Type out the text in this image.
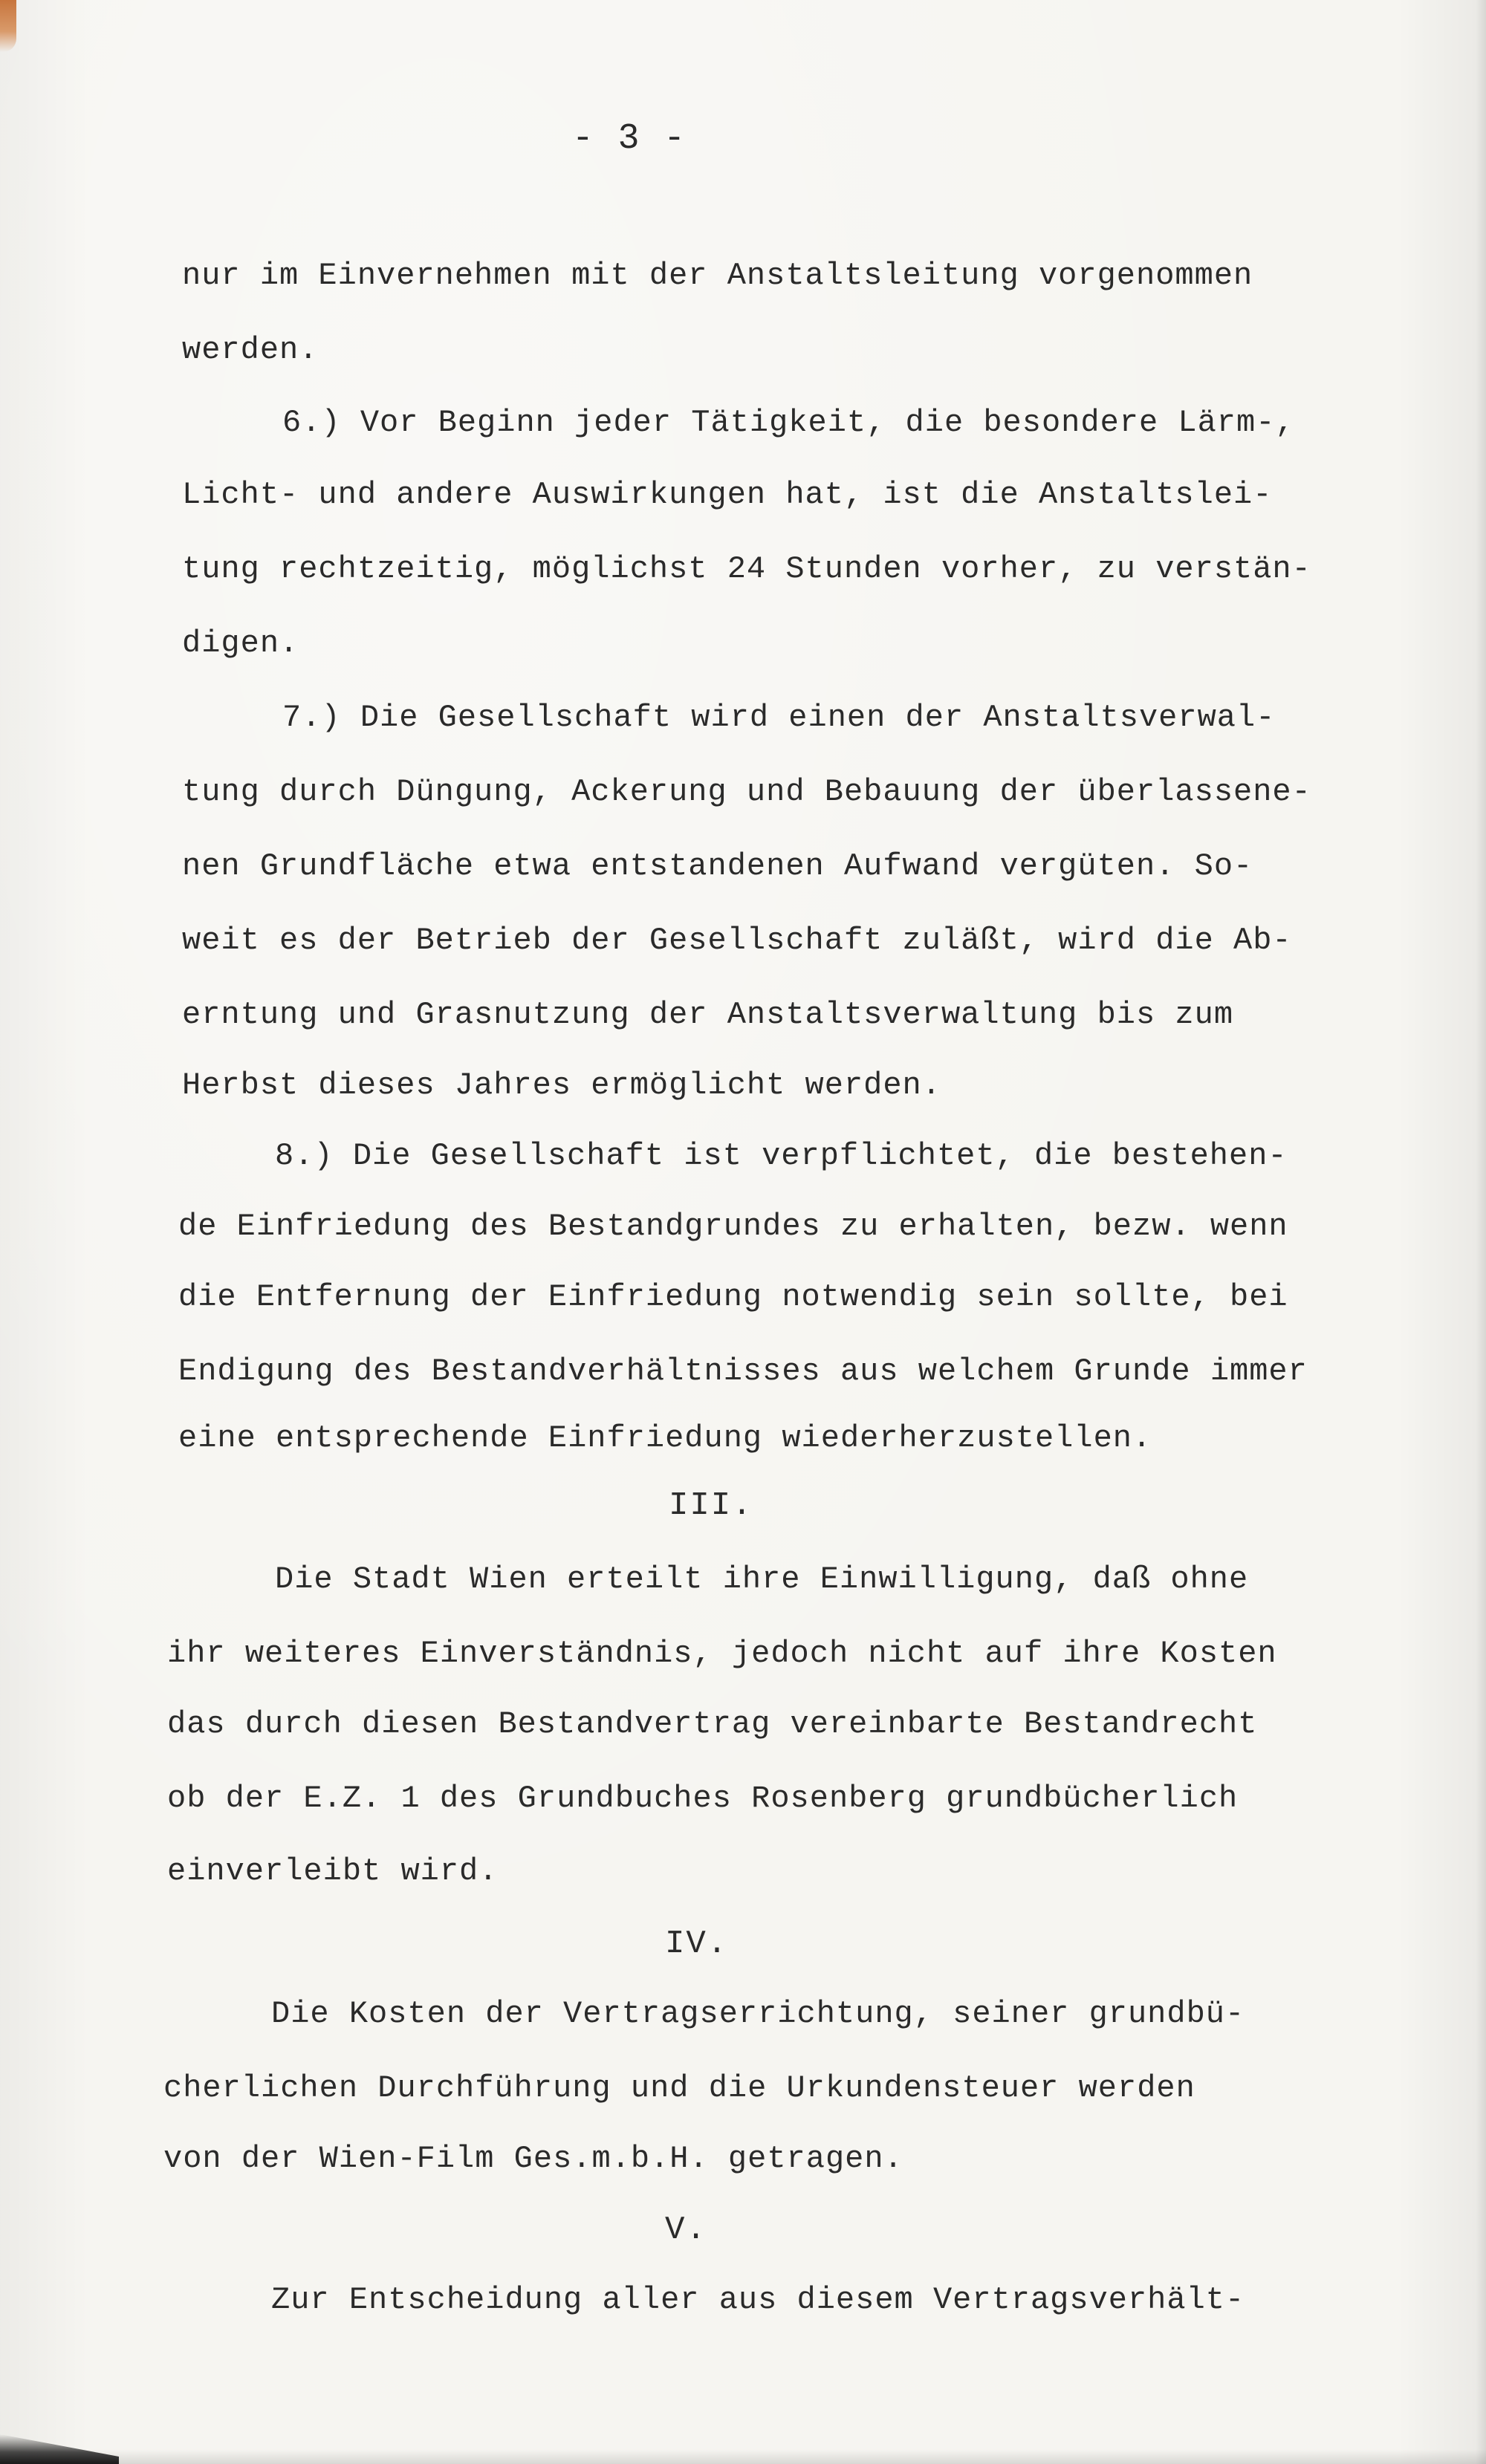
- 3 -
nur im Einvernehmen mit der Anstaltsleitung vorgenommen
werden.
6.) Vor Beginn jeder Tätigkeit, die besondere Lärm-,
Licht- und andere Auswirkungen hat, ist die Anstaltslei-
tung rechtzeitig, möglichst 24 Stunden vorher, zu verstän-
digen.
7.) Die Gesellschaft wird einen der Anstaltsverwal-
tung durch Düngung, Ackerung und Bebauung der überlassene-
nen Grundfläche etwa entstandenen Aufwand vergüten. So-
weit es der Betrieb der Gesellschaft zuläßt, wird die Ab-
erntung und Grasnutzung der Anstaltsverwaltung bis zum
Herbst dieses Jahres ermöglicht werden.
8.) Die Gesellschaft ist verpflichtet, die bestehen-
de Einfriedung des Bestandgrundes zu erhalten, bezw. wenn
die Entfernung der Einfriedung notwendig sein sollte, bei
Endigung des Bestandverhältnisses aus welchem Grunde immer
eine entsprechende Einfriedung wiederherzustellen.
III.
Die Stadt Wien erteilt ihre Einwilligung, daß ohne
ihr weiteres Einverständnis, jedoch nicht auf ihre Kosten
das durch diesen Bestandvertrag vereinbarte Bestandrecht
ob der E.Z. 1 des Grundbuches Rosenberg grundbücherlich
einverleibt wird.
IV.
Die Kosten der Vertragserrichtung, seiner grundbü-
cherlichen Durchführung und die Urkundensteuer werden
von der Wien-Film Ges.m.b.H. getragen.
V.
Zur Entscheidung aller aus diesem Vertragsverhält-
